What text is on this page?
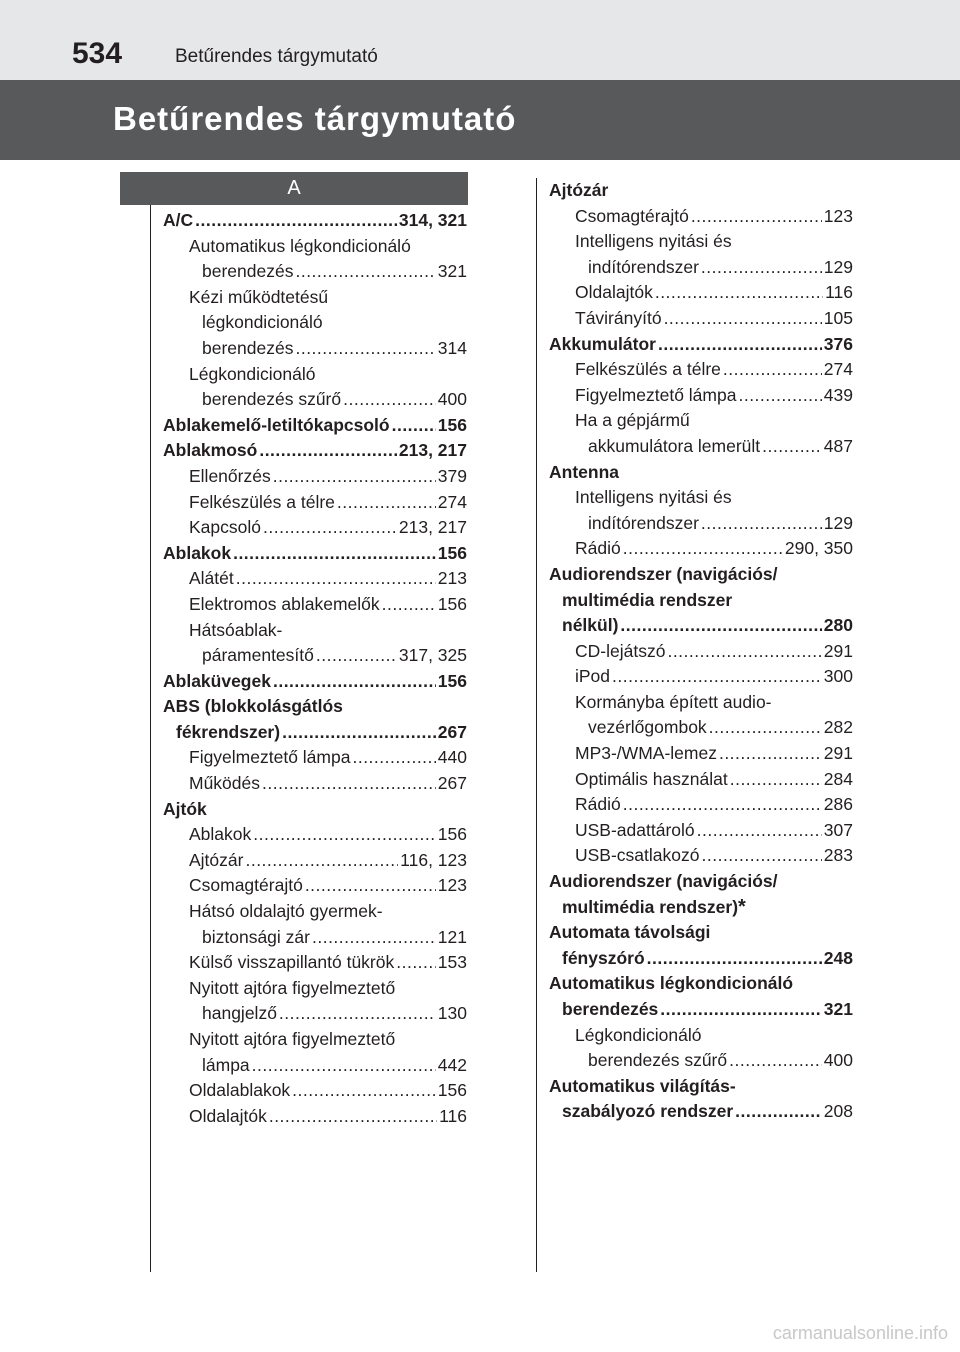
534	Betűrendes tárgymutató
Betűrendes tárgymutató
A
A/C .....	314, 321
Automatikus légkondicionáló
berendezés .....	321
Kézi működtetésű
légkondicionáló
berendezés .....	314
Légkondicionáló
berendezés szűrő .....	400
Ablakemelő-letiltókapcsoló .....	156
Ablakmosó .....	213, 217
Ellenőrzés .....	379
Felkészülés a télre .....	274
Kapcsoló .....	213, 217
Ablakok .....	156
Alátét .....	213
Elektromos ablakemelők .....	156
Hátsóablak-
páramentesítő .....	317, 325
Ablaküvegek .....	156
ABS (blokkolásgátlós
fékrendszer) .....	267
Figyelmeztető lámpa .....	440
Működés .....	267
Ajtók
Ablakok .....	156
Ajtózár .....	116, 123
Csomagtérajtó .....	123
Hátsó oldalajtó gyermek-
biztonsági zár .....	121
Külső visszapillantó tükrök ..... 153
Nyitott ajtóra figyelmeztető
hangjelző .....	130
Nyitott ajtóra figyelmeztető
lámpa .....	442
Oldalablakok .....	156
Oldalajtók .....	116
Ajtózár
Csomagtérajtó .....	123
Intelligens nyitási és
indítórendszer .....	129
Oldalajtók .....	116
Távirányító .....	105
Akkumulátor .....	376
Felkészülés a télre .....	274
Figyelmeztető lámpa .....	439
Ha a gépjármű
akkumulátora lemerült .....	487
Antenna
Intelligens nyitási és
indítórendszer .....	129
Rádió .....	290, 350
Audiorendszer (navigációs/
multimédia rendszer
nélkül) .....	280
CD-lejátszó .....	291
iPod .....	300
Kormányba épített audio-
vezérlőgombok .....	282
MP3-/WMA-lemez .....	291
Optimális használat .....	284
Rádió .....	286
USB-adattároló .....	307
USB-csatlakozó .....	283
Audiorendszer (navigációs/
multimédia rendszer) *
Automata távolsági
fényszóró .....	248
Automatikus légkondicionáló
berendezés .....	321
Légkondicionáló
berendezés szűrő .....	400
Automatikus világítás-
szabályozó rendszer .....	208
carmanualsonline.info
